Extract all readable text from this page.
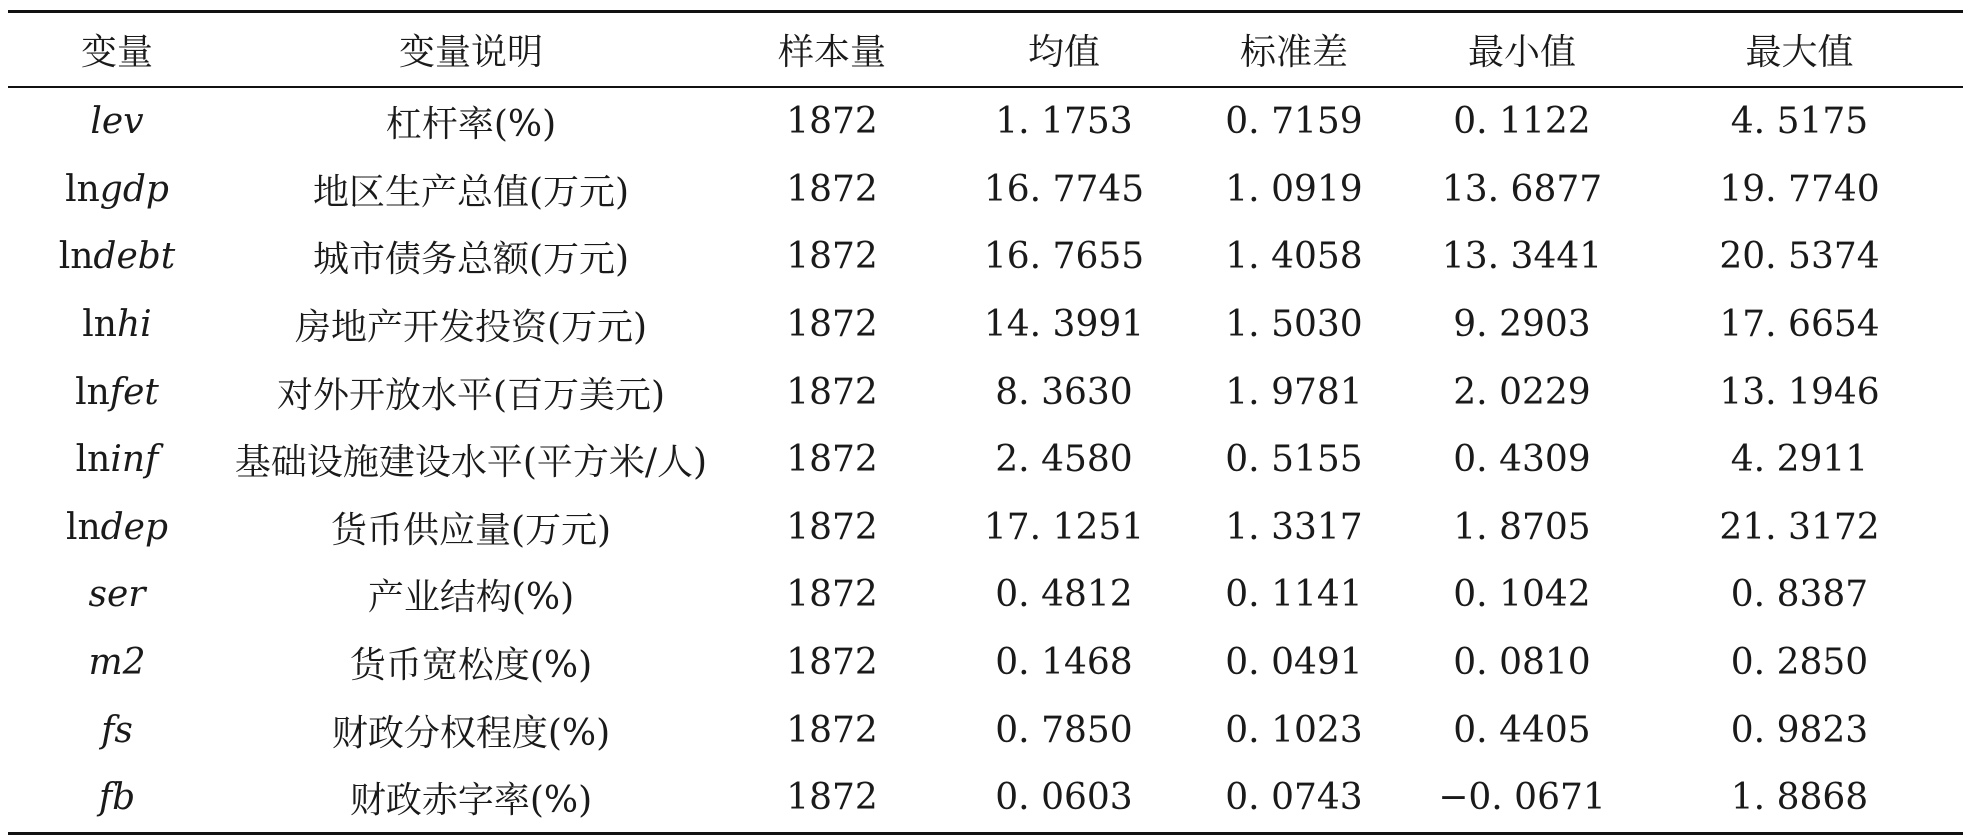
变量	变量说明	样本量	均值	标准差	最小值	最大值
lev	杠杆率(%)	1872	1. 1753	0. 7159	0. 1122	4. 5175
lngdp	地区生产总值(万元)	1872	16. 7745	1. 0919	13. 6877	19. 7740
lndebt	城市债务总额(万元)	1872	16. 7655	1. 4058	13. 3441	20. 5374
lnhi	房地产开发投资(万元)	1872	14. 3991	1. 5030	9. 2903	17. 6654
lnfet	对外开放水平(百万美元)	1872	8. 3630	1. 9781	2. 0229	13. 1946
lninf	基础设施建设水平(平方米/人)	1872	2. 4580	0. 5155	0. 4309	4. 2911
lndep	货币供应量(万元)	1872	17. 1251	1. 3317	1. 8705	21. 3172
ser	产业结构(%)	1872	0. 4812	0. 1141	0. 1042	0. 8387
m2	货币宽松度(%)	1872	0. 1468	0. 0491	0. 0810	0. 2850
fs	财政分权程度(%)	1872	0. 7850	0. 1023	0. 4405	0. 9823
fb	财政赤字率(%)	1872	0. 0603	0. 0743	−0. 0671	1. 8868
